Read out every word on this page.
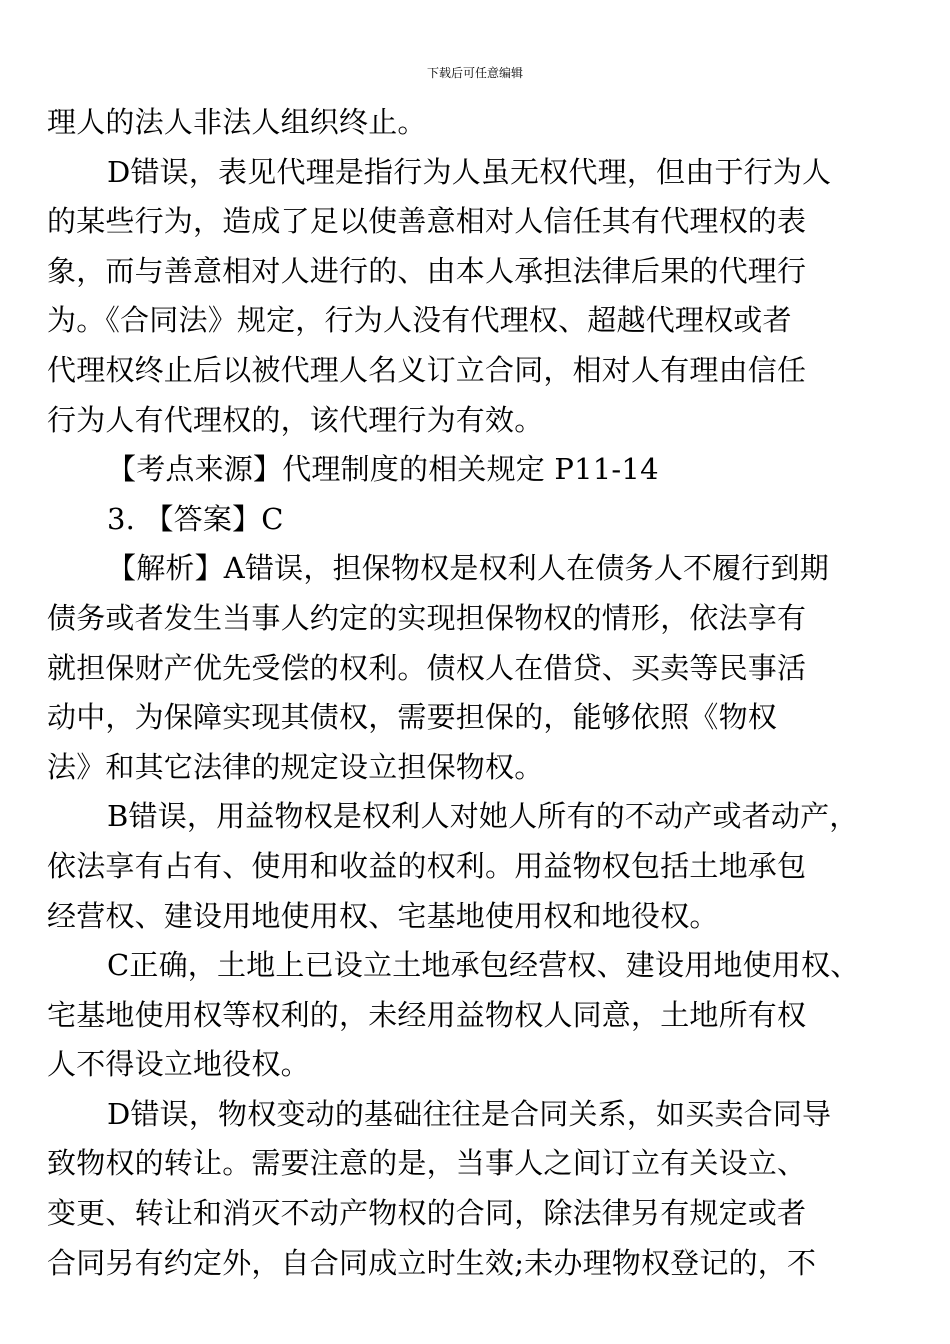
下载后可任意编辑
理人的法人非法人组织终止。
D错误，表见代理是指行为人虽无权代理，但由于行为人
的某些行为，造成了足以使善意相对人信任其有代理权的表
象，而与善意相对人进行的、由本人承担法律后果的代理行
为。《合同法》规定，行为人没有代理权、超越代理权或者
代理权终止后以被代理人名义订立合同，相对人有理由信任
行为人有代理权的，该代理行为有效。
【考点来源】代理制度的相关规定 P11-14
3. 【答案】C
【解析】A错误，担保物权是权利人在债务人不履行到期
债务或者发生当事人约定的实现担保物权的情形，依法享有
就担保财产优先受偿的权利。债权人在借贷、买卖等民事活
动中，为保障实现其债权，需要担保的，能够依照《物权
法》和其它法律的规定设立担保物权。
B错误，用益物权是权利人对她人所有的不动产或者动产，
依法享有占有、使用和收益的权利。用益物权包括土地承包
经营权、建设用地使用权、宅基地使用权和地役权。
C正确，土地上已设立土地承包经营权、建设用地使用权、
宅基地使用权等权利的，未经用益物权人同意，土地所有权
人不得设立地役权。
D错误，物权变动的基础往往是合同关系，如买卖合同导
致物权的转让。需要注意的是，当事人之间订立有关设立、
变更、转让和消灭不动产物权的合同，除法律另有规定或者
合同另有约定外，自合同成立时生效;未办理物权登记的，不
